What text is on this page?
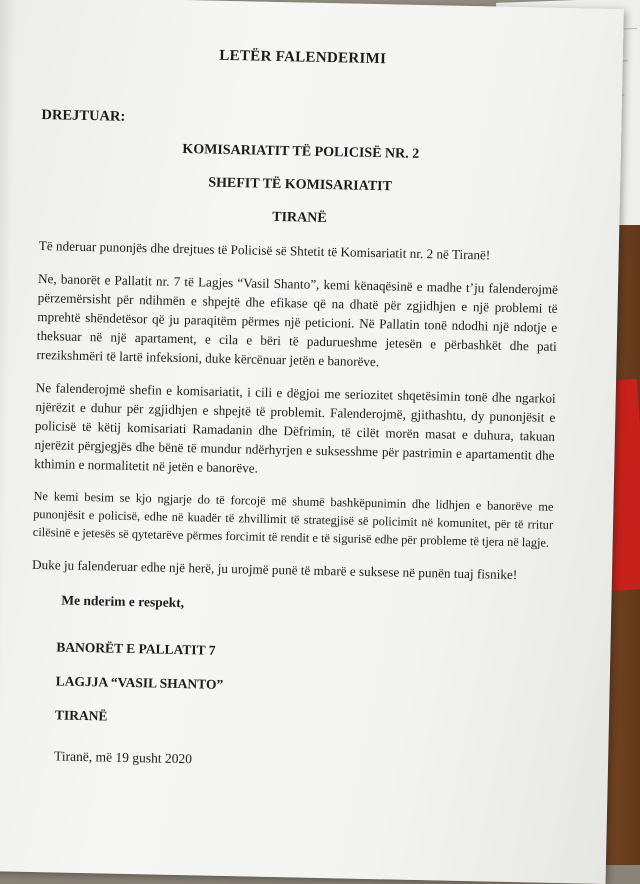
LETËR FALENDERIMI
DREJTUAR:
KOMISARIATIT TË POLICISË NR. 2
SHEFIT TË KOMISARIATIT
TIRANË

Të nderuar punonjës dhe drejtues të Policisë së Shtetit të Komisariatit nr. 2 në Tiranë!

Ne, banorët e Pallatit nr. 7 të Lagjes “Vasil Shanto”, kemi kënaqësinë e madhe t’ju falenderojmë përzemërsisht për ndihmën e shpejtë dhe efikase që na dhatë për zgjidhjen e një problemi të mprehtë shëndetësor që ju paraqitëm përmes një peticioni. Në Pallatin tonë ndodhi një ndotje e theksuar në një apartament, e cila e bëri të padurueshme jetesën e përbashkët dhe pati rrezikshmëri të lartë infeksioni, duke kërcënuar jetën e banorëve.

Ne falenderojmë shefin e komisariatit, i cili e dëgjoi me seriozitet shqetësimin tonë dhe ngarkoi njërëzit e duhur për zgjidhjen e shpejtë të problemit. Falenderojmë, gjithashtu, dy punonjësit e policisë të këtij komisariati Ramadanin dhe Dëfrimin, të cilët morën masat e duhura, takuan njerëzit përgjegjës dhe bënë të mundur ndërhyrjen e suksesshme për pastrimin e apartamentit dhe kthimin e normalitetit në jetën e banorëve.

Ne kemi besim se kjo ngjarje do të forcojë më shumë bashkëpunimin dhe lidhjen e banorëve me punonjësit e policisë, edhe në kuadër të zhvillimit të strategjisë së policimit në komunitet, për të rritur cilësinë e jetesës së qytetarëve përmes forcimit të rendit e të sigurisë edhe për probleme të tjera në lagje.

Duke ju falenderuar edhe një herë, ju urojmë punë të mbarë e suksese në punën tuaj fisnike!

Me nderim e respekt,
BANORËT E PALLATIT 7
LAGJJA “VASIL SHANTO”
TIRANË
Tiranë, më 19 gusht 2020
